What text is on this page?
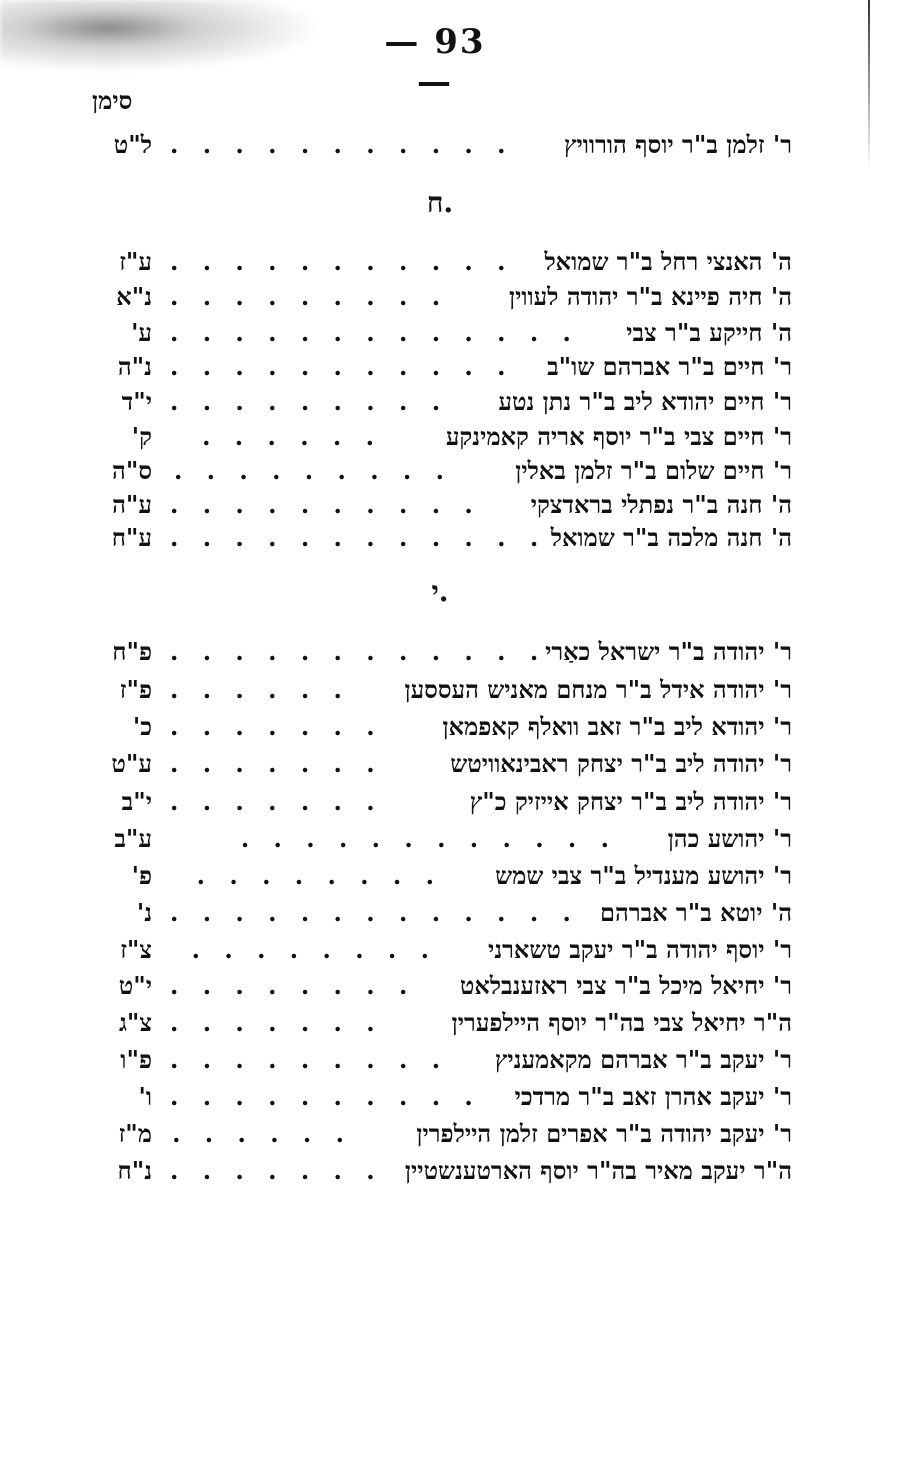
— 93 —
סימן
ר' זלמן ב"ר יוסף הורוויץ
. . . . . . . . . . .
ל"ט
ח.
ה' האנצי רחל ב"ר שמואל
. . . . . . . . . . .
ע"ז
ה' חיה פיינא ב"ר יהודה לעווין
. . . . . . . . .
נ"א
ה' חייקע ב"ר צבי
. . . . . . . . . . . . .
ע'
ר' חיים ב"ר אברהם שו"ב
. . . . . . . . . . .
נ"ה
ר' חיים יהודא ליב ב"ר נתן נטע
. . . . . . . . .
י"ד
ר' חיים צבי ב"ר יוסף אריה קאמינקע
. . . . . .
ק'
ר' חיים שלום ב"ר זלמן באלין
. . . . . . . . .
ס"ה
ה' חנה ב"ר נפתלי בראדצקי
. . . . . . . . . .
ע"ה
ה' חנה מלכה ב"ר שמואל
. . . . . . . . . . . .
ע"ח
י.
ר' יהודה ב"ר ישראל כאַרי
. . . . . . . . . . . .
פ"ח
ר' יהודה אידל ב"ר מנחם מאניש העססען
. . . . . .
פ"ז
ר' יהודא ליב ב"ר זאב וואלף קאפמאן
. . . . . . .
כ'
ר' יהודה ליב ב"ר יצחק ראבינאוויטש
. . . . . . .
ע"ט
ר' יהודה ליב ב"ר יצחק אייזיק כ"ץ
. . . . . . .
י"ב
ר' יהושע כהן
. . . . . . . . . . . .
ע"ב
ר' יהושע מענדיל ב"ר צבי שמש
. . . . . . . .
פ'
ה' יוטא ב"ר אברהם
. . . . . . . . . . . . .
נ'
ר' יוסף יהודה ב"ר יעקב טשארני
. . . . . . . .
צ"ז
ר' יחיאל מיכל ב"ר צבי ראזענבלאט
. . . . . . . .
י"ט
ה"ר יחיאל צבי בה"ר יוסף היילפערין
. . . . . . .
צ"ג
ר' יעקב ב"ר אברהם מקאמעניץ
. . . . . . . . .
פ"ו
ר' יעקב אהרן זאב ב"ר מרדכי
. . . . . . . . . .
ו'
ר' יעקב יהודה ב"ר אפרים זלמן היילפרין
. . . . . .
מ"ז
ה"ר יעקב מאיר בה"ר יוסף הארטענשטיין
. . . . . . .
נ"ח
